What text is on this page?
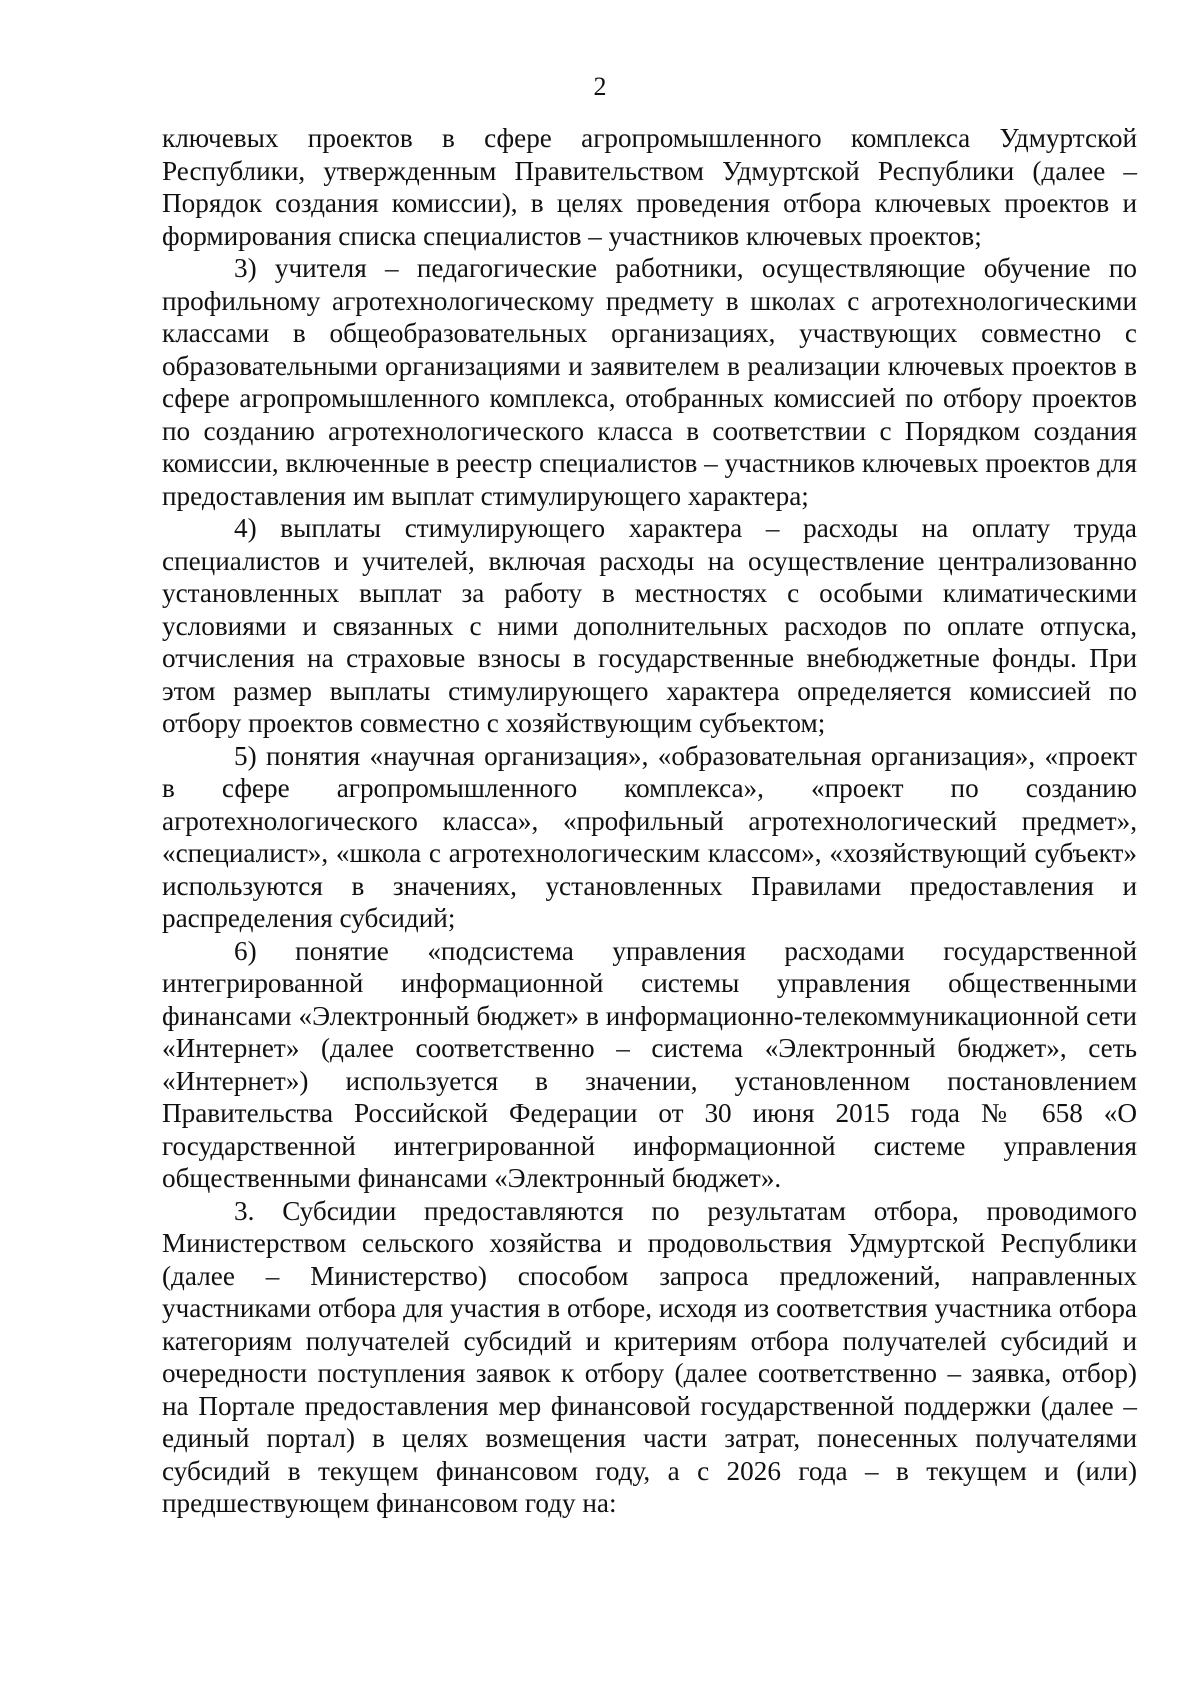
2

ключевых проектов в сфере агропромышленного комплекса Удмуртской Республики, утвержденным Правительством Удмуртской Республики (далее – Порядок создания комиссии), в целях проведения отбора ключевых проектов и формирования списка специалистов – участников ключевых проектов;

3) учителя – педагогические работники, осуществляющие обучение по профильному агротехнологическому предмету в школах с агротехнологическими классами в общеобразовательных организациях, участвующих совместно с образовательными организациями и заявителем в реализации ключевых проектов в сфере агропромышленного комплекса, отобранных комиссией по отбору проектов по созданию агротехнологического класса в соответствии с Порядком создания комиссии, включенные в реестр специалистов – участников ключевых проектов для предоставления им выплат стимулирующего характера;

4) выплаты стимулирующего характера – расходы на оплату труда специалистов и учителей, включая расходы на осуществление централизованно установленных выплат за работу в местностях с особыми климатическими условиями и связанных с ними дополнительных расходов по оплате отпуска, отчисления на страховые взносы в государственные внебюджетные фонды. При этом размер выплаты стимулирующего характера определяется комиссией по отбору проектов совместно с хозяйствующим субъектом;

5) понятия «научная организация», «образовательная организация», «проект в сфере агропромышленного комплекса», «проект по созданию агротехнологического класса», «профильный агротехнологический предмет», «специалист», «школа с агротехнологическим классом», «хозяйствующий субъект» используются в значениях, установленных Правилами предоставления и распределения субсидий;

6) понятие «подсистема управления расходами государственной интегрированной информационной системы управления общественными финансами «Электронный бюджет» в информационно-телекоммуникационной сети «Интернет» (далее соответственно – система «Электронный бюджет», сеть «Интернет») используется в значении, установленном постановлением Правительства Российской Федерации от 30 июня 2015 года № 658 «О государственной интегрированной информационной системе управления общественными финансами «Электронный бюджет».

3. Субсидии предоставляются по результатам отбора, проводимого Министерством сельского хозяйства и продовольствия Удмуртской Республики (далее – Министерство) способом запроса предложений, направленных участниками отбора для участия в отборе, исходя из соответствия участника отбора категориям получателей субсидий и критериям отбора получателей субсидий и очередности поступления заявок к отбору (далее соответственно – заявка, отбор) на Портале предоставления мер финансовой государственной поддержки (далее – единый портал) в целях возмещения части затрат, понесенных получателями субсидий в текущем финансовом году, а с 2026 года – в текущем и (или) предшествующем финансовом году на:
